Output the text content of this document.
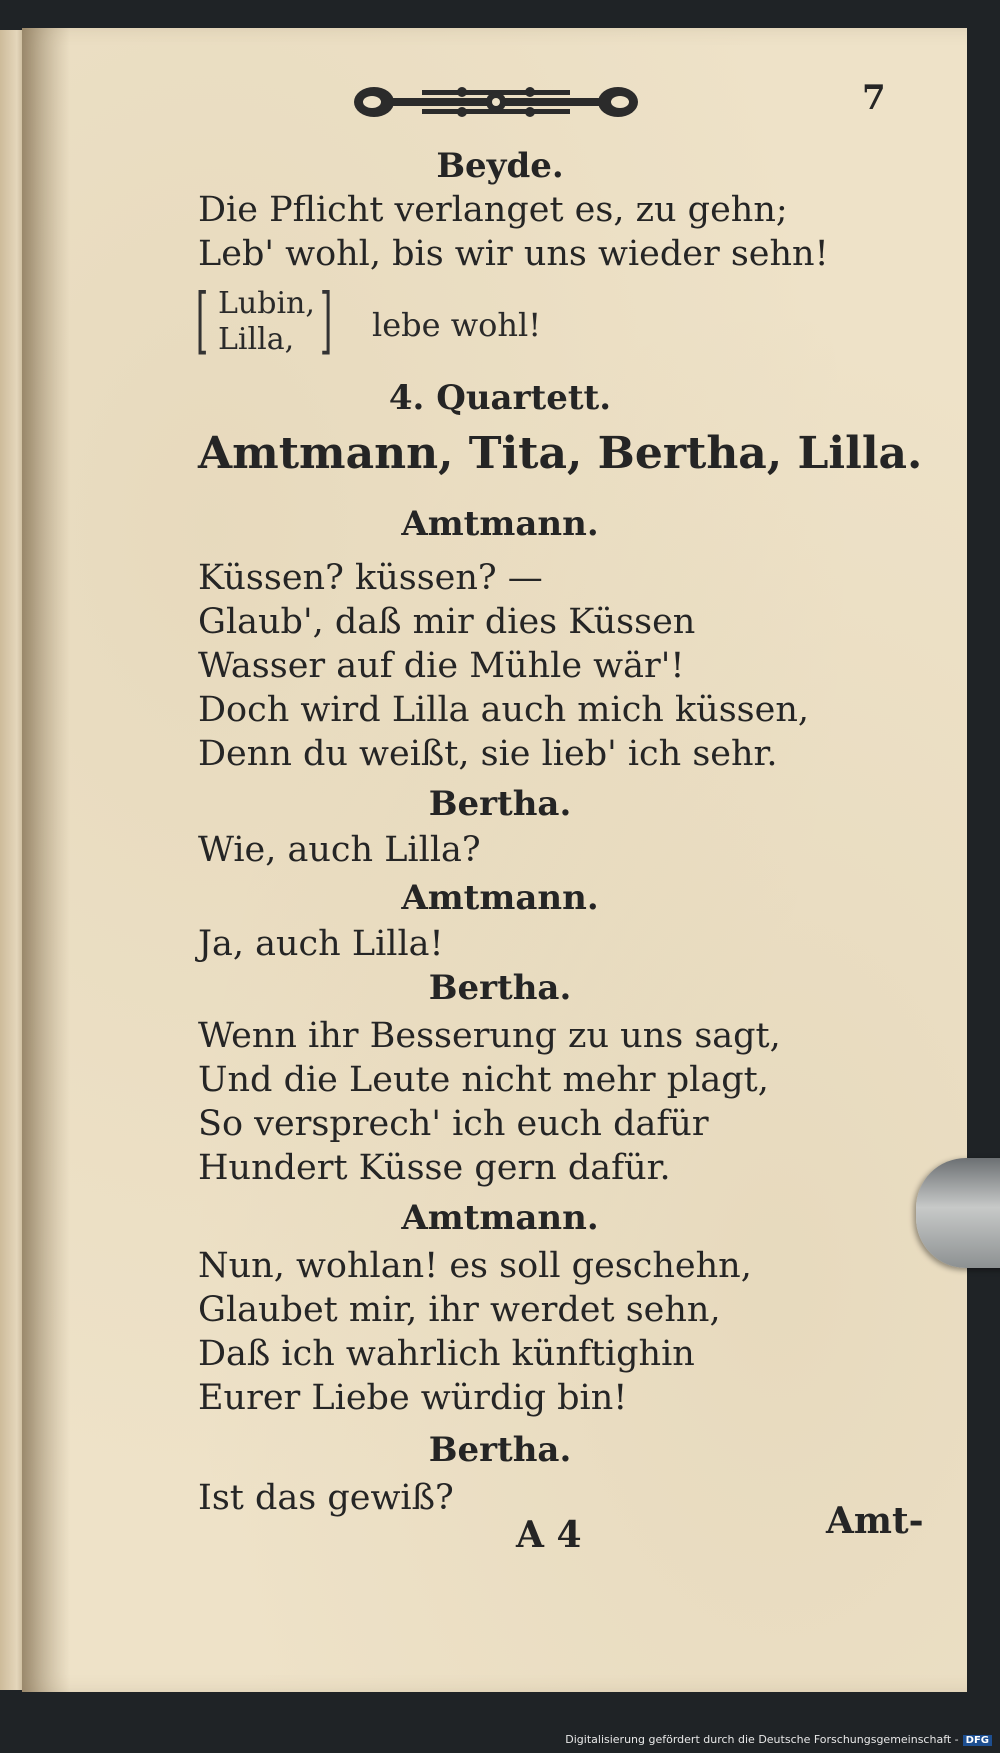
7
Beyde.
Die Pflicht verlanget es, zu gehn;
Leb' wohl, bis wir uns wieder sehn!
[ Lubin,
Lilla, ] lebe wohl!
4. Quartett.
Amtmann, Tita, Bertha, Lilla.
Amtmann.
Küssen? küssen? —
Glaub', daß mir dies Küssen
Wasser auf die Mühle wär'!
Doch wird Lilla auch mich küssen,
Denn du weißt, sie lieb' ich sehr.
Bertha.
Wie, auch Lilla?
Amtmann.
Ja, auch Lilla!
Bertha.
Wenn ihr Besserung zu uns sagt,
Und die Leute nicht mehr plagt,
So versprech' ich euch dafür
Hundert Küsse gern dafür.
Amtmann.
Nun, wohlan! es soll geschehn,
Glaubet mir, ihr werdet sehn,
Daß ich wahrlich künftighin
Eurer Liebe würdig bin!
Bertha.
Ist das gewiß?
A 4	Amt-
Digitalisierung gefördert durch die Deutsche Forschungsgemeinschaft - DFG
